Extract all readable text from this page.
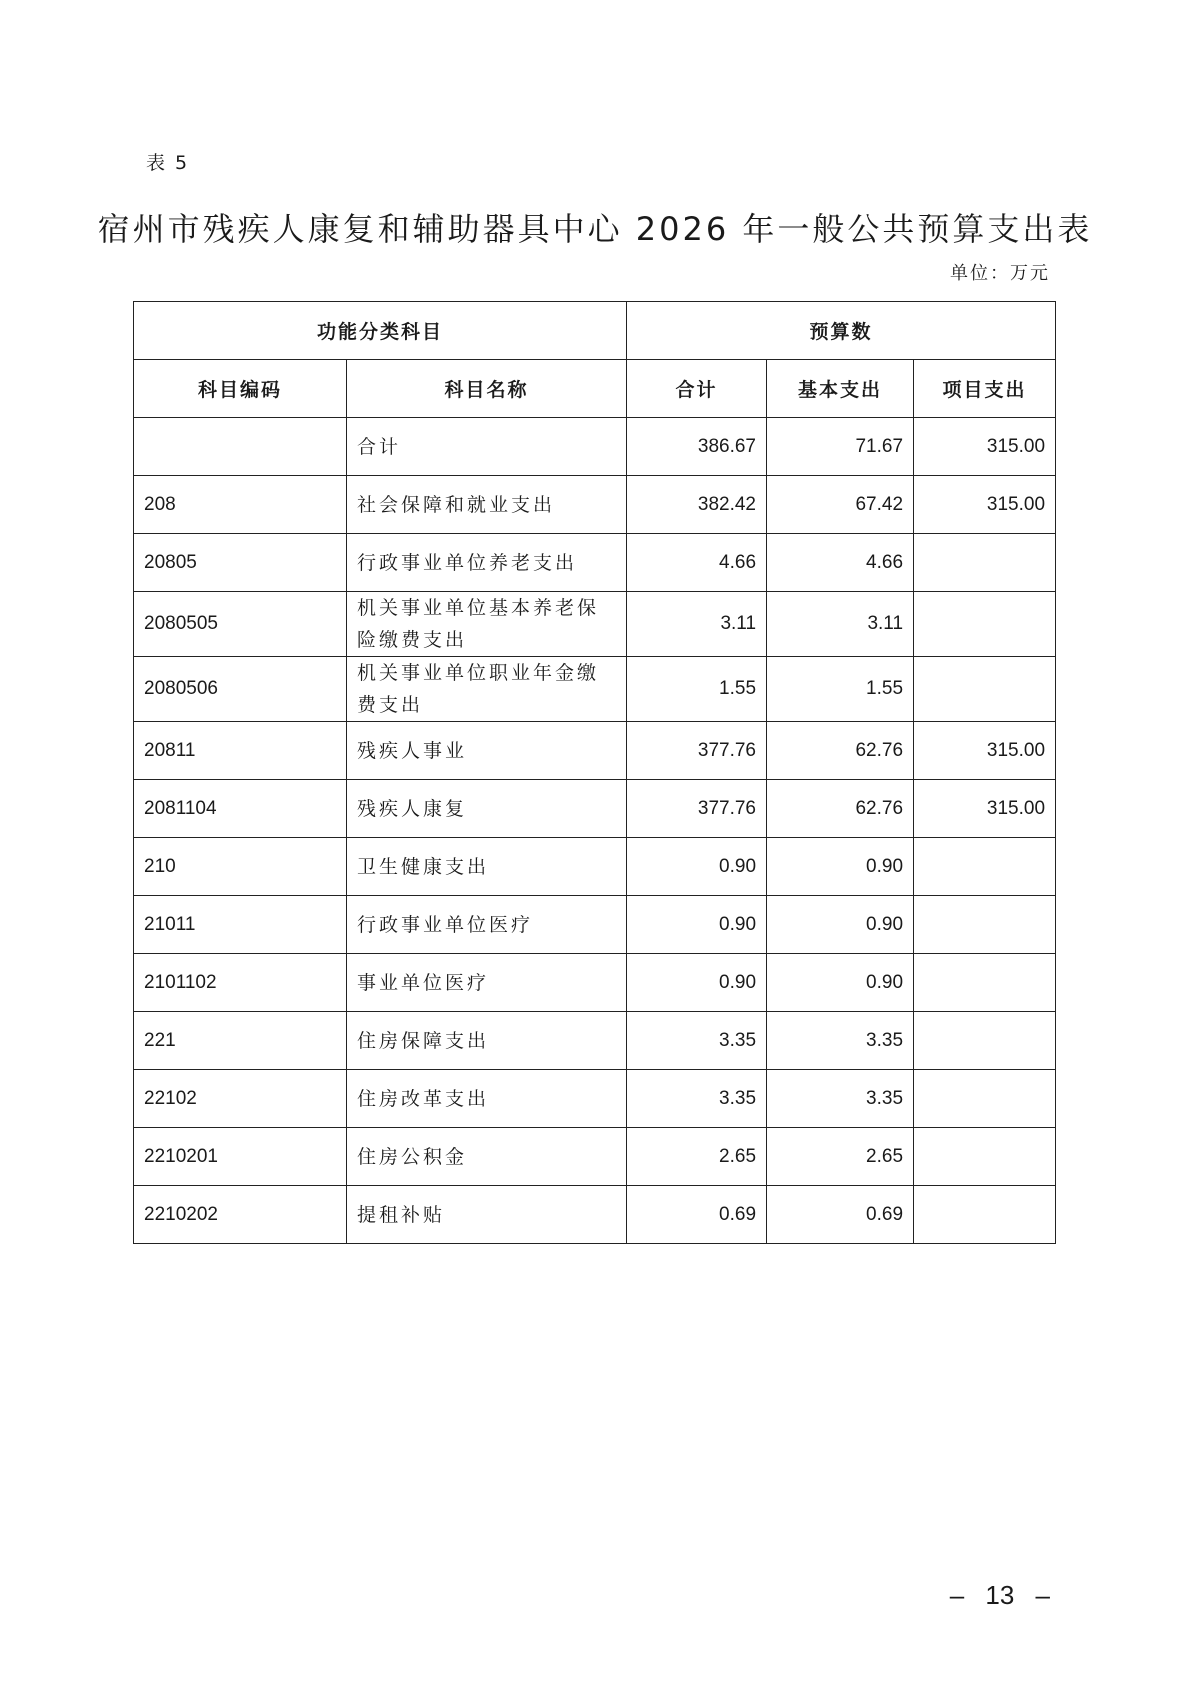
表 5
宿州市残疾人康复和辅助器具中心 2026 年一般公共预算支出表
单位：万元
功能分类科目		预算数		
科目编码	科目名称	合计	基本支出	项目支出
	合计	386.67	71.67	315.00
208	社会保障和就业支出	382.42	67.42	315.00
20805	行政事业单位养老支出	4.66	4.66	
2080505	机关事业单位基本养老保险缴费支出	3.11	3.11	
2080506	机关事业单位职业年金缴费支出	1.55	1.55	
20811	残疾人事业	377.76	62.76	315.00
2081104	残疾人康复	377.76	62.76	315.00
210	卫生健康支出	0.90	0.90	
21011	行政事业单位医疗	0.90	0.90	
2101102	事业单位医疗	0.90	0.90	
221	住房保障支出	3.35	3.35	
22102	住房改革支出	3.35	3.35	
2210201	住房公积金	2.65	2.65	
2210202	提租补贴	0.69	0.69	
– 13 –
